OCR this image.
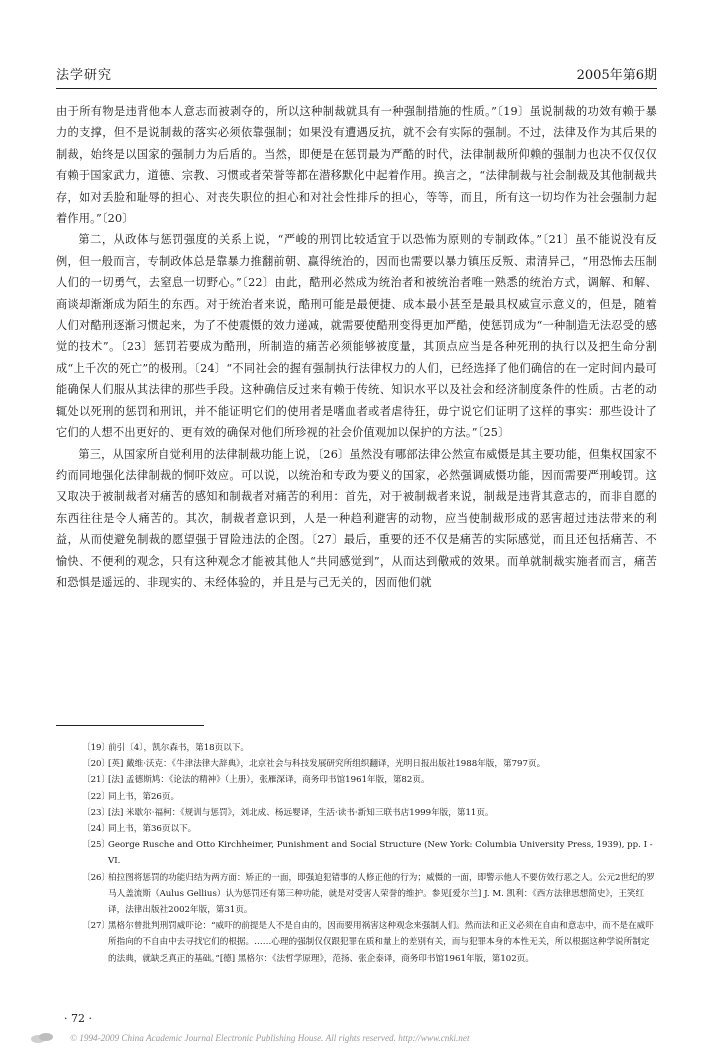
法学研究	2005年第6期

由于所有物是违背他本人意志而被剥夺的，所以这种制裁就具有一种强制措施的性质。”〔19〕虽说制裁的功效有赖于暴力的支撑，但不是说制裁的落实必须依靠强制；如果没有遭遇反抗，就不会有实际的强制。不过，法律及作为其后果的制裁，始终是以国家的强制力为后盾的。当然，即便是在惩罚最为严酷的时代，法律制裁所仰赖的强制力也决不仅仅仅有赖于国家武力，道德、宗教、习惯或者荣誉等都在潜移默化中起着作用。换言之，“法律制裁与社会制裁及其他制裁共存，如对丢脸和耻辱的担心、对丧失职位的担心和对社会性排斥的担心，等等，而且，所有这一切均作为社会强制力起着作用。”〔20〕

第二，从政体与惩罚强度的关系上说，“严峻的刑罚比较适宜于以恐怖为原则的专制政体。”〔21〕虽不能说没有反例，但一般而言，专制政体总是靠暴力推翻前朝、赢得统治的，因而也需要以暴力镇压反叛、肃清异己，“用恐怖去压制人们的一切勇气，去窒息一切野心。”〔22〕由此，酷刑必然成为统治者和被统治者唯一熟悉的统治方式，调解、和解、商谈却渐渐成为陌生的东西。对于统治者来说，酷刑可能是最便捷、成本最小甚至是最具权威宣示意义的，但是，随着人们对酷刑逐渐习惯起来，为了不使震慑的效力递减，就需要使酷刑变得更加严酷，使惩罚成为“一种制造无法忍受的感觉的技术”。〔23〕惩罚若要成为酷刑，所制造的痛苦必须能够被度量，其顶点应当是各种死刑的执行以及把生命分割成“上千次的死亡”的极刑。〔24〕“不同社会的握有强制执行法律权力的人们，已经选择了他们确信的在一定时间内最可能确保人们服从其法律的那些手段。这种确信反过来有赖于传统、知识水平以及社会和经济制度条件的性质。古老的动辄处以死刑的惩罚和刑讯，并不能证明它们的使用者是嗜血者或者虐待狂，毋宁说它们证明了这样的事实：那些设计了它们的人想不出更好的、更有效的确保对他们所珍视的社会价值观加以保护的方法。”〔25〕

第三，从国家所自觉利用的法律制裁功能上说，〔26〕虽然没有哪部法律公然宣布威慑是其主要功能，但集权国家不约而同地强化法律制裁的恫吓效应。可以说，以统治和专政为要义的国家，必然强调威慑功能，因而需要严刑峻罚。这又取决于被制裁者对痛苦的感知和制裁者对痛苦的利用：首先，对于被制裁者来说，制裁是违背其意志的，而非自愿的东西往往是令人痛苦的。其次，制裁者意识到，人是一种趋利避害的动物，应当使制裁形成的恶害超过违法带来的利益，从而使避免制裁的愿望强于冒险违法的企图。〔27〕最后，重要的还不仅是痛苦的实际感觉，而且还包括痛苦、不愉快、不便利的观念，只有这种观念才能被其他人“共同感觉到”，从而达到儆戒的效果。而单就制裁实施者而言，痛苦和恐惧是遥远的、非现实的、未经体验的，并且是与己无关的，因而他们就

〔19〕
前引〔4〕，凯尔森书，第18页以下。

〔20〕
[英] 戴维·沃克：《牛津法律大辞典》，北京社会与科技发展研究所组织翻译，光明日报出版社1988年版，第797页。

〔21〕
[法] 孟德斯鸠：《论法的精神》（上册），张雁深译，商务印书馆1961年版，第82页。

〔22〕
同上书，第26页。

〔23〕
[法] 米歇尔·福柯：《规训与惩罚》，刘北成、杨远婴译，生活·读书·新知三联书店1999年版，第11页。

〔24〕
同上书，第36页以下。

〔25〕
George Rusche and Otto Kirchheimer, Punishment and Social Structure (New York: Columbia University Press, 1939), pp. I - VI.

〔26〕
柏拉图将惩罚的功能归结为两方面：矫正的一面，即强迫犯错事的人修正他的行为；威慑的一面，即警示他人不要仿效行恶之人。公元2世纪的罗马人盖流斯（Aulus Gellius）认为惩罚还有第三种功能，就是对受害人荣誉的维护。参见[爱尔兰] J. M. 凯利：《西方法律思想简史》，王笑红译，法律出版社2002年版，第31页。

〔27〕
黑格尔曾批判刑罚威吓论：“威吓的前提是人不是自由的，因而要用祸害这种观念来强制人们。然而法和正义必须在自由和意志中，而不是在威吓所指向的不自由中去寻找它们的根据。……心理的强制仅仅跟犯罪在质和量上的差别有关，而与犯罪本身的本性无关，所以根据这种学说所制定的法典，就缺乏真正的基础。”[德] 黑格尔：《法哲学原理》，范扬、张企泰译，商务印书馆1961年版，第102页。

· 72 ·
© 1994-2009 China Academic Journal Electronic Publishing House. All rights reserved. http://www.cnki.net
